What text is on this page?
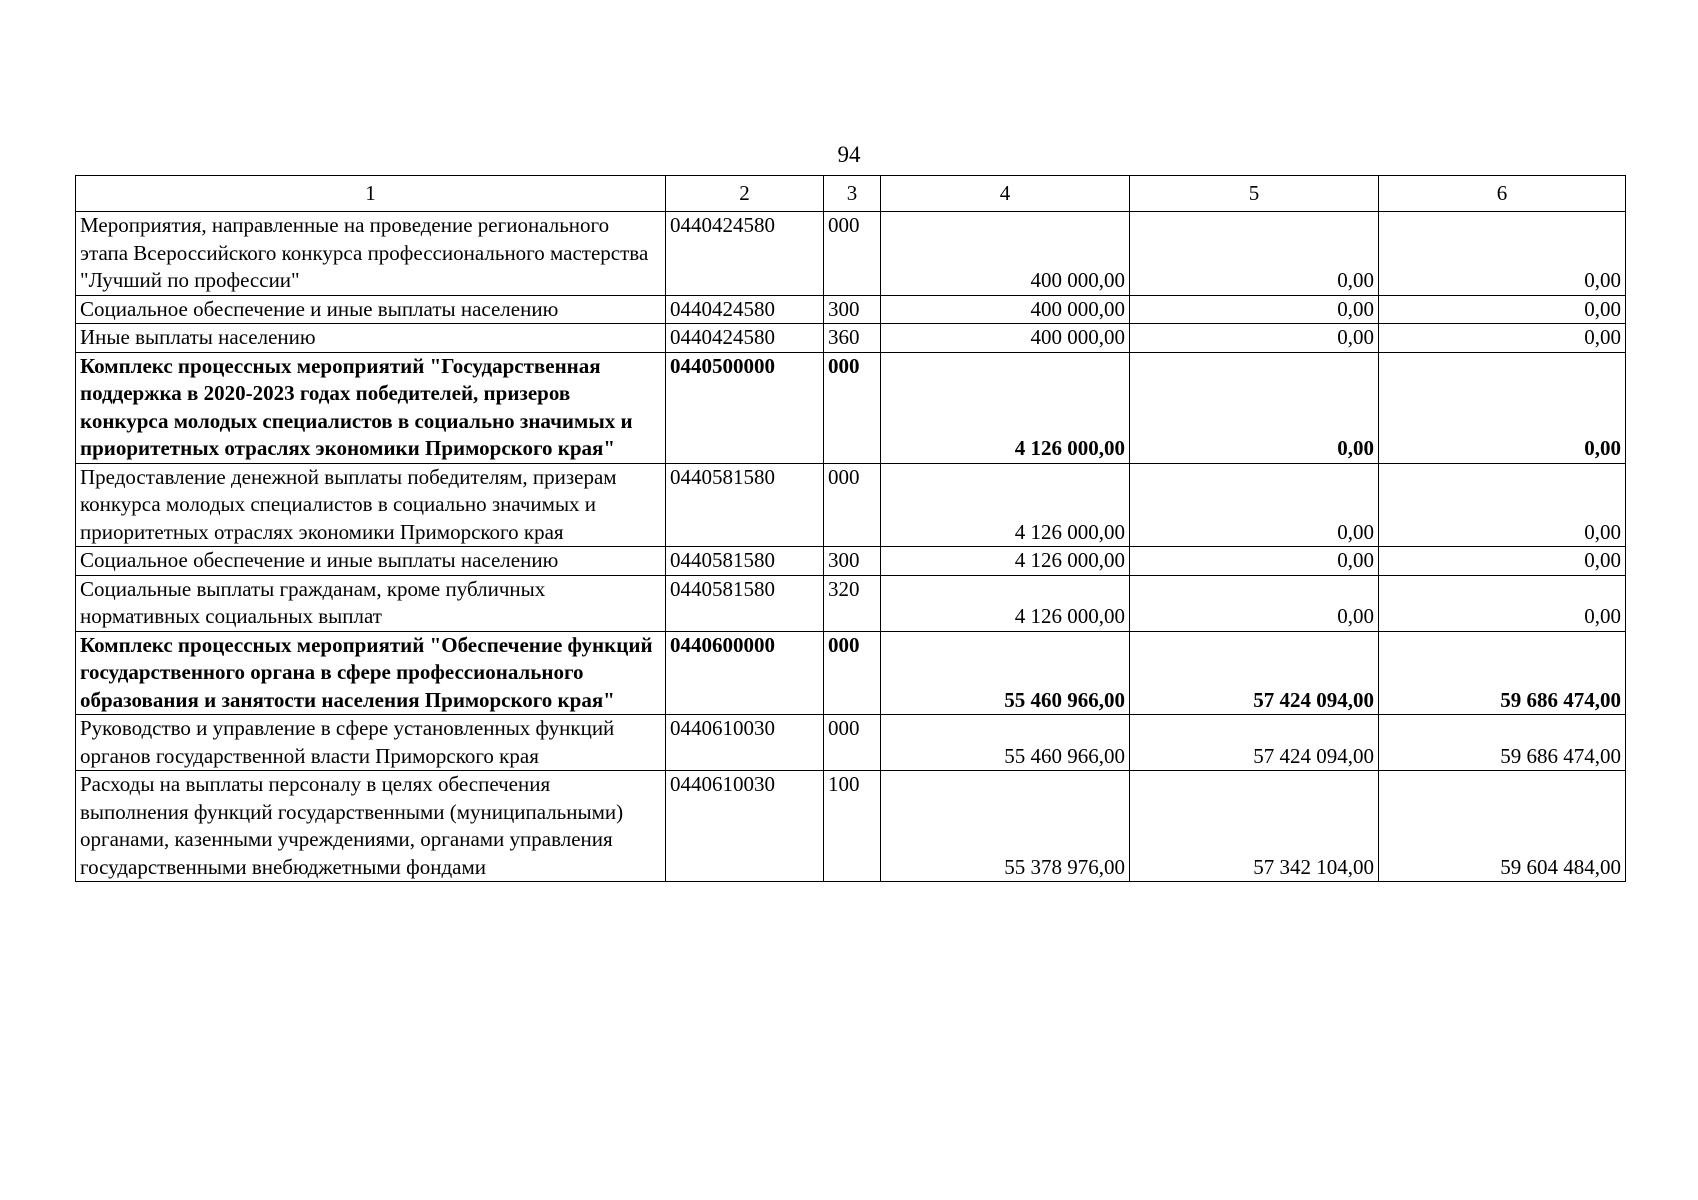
94
1	2	3	4	5	6
Мероприятия, направленные на проведение регионального этапа Всероссийского конкурса профессионального мастерства "Лучший по профессии"	0440424580	000	400 000,00	0,00	0,00
Социальное обеспечение и иные выплаты населению	0440424580	300	400 000,00	0,00	0,00
Иные выплаты населению	0440424580	360	400 000,00	0,00	0,00
Комплекс процессных мероприятий "Государственная поддержка в 2020-2023 годах победителей, призеров конкурса молодых специалистов в социально значимых и приоритетных отраслях экономики Приморского края"	0440500000	000	4 126 000,00	0,00	0,00
Предоставление денежной выплаты победителям, призерам конкурса молодых специалистов в социально значимых и приоритетных отраслях экономики Приморского края	0440581580	000	4 126 000,00	0,00	0,00
Социальное обеспечение и иные выплаты населению	0440581580	300	4 126 000,00	0,00	0,00
Социальные выплаты гражданам, кроме публичных нормативных социальных выплат	0440581580	320	4 126 000,00	0,00	0,00
Комплекс процессных мероприятий "Обеспечение функций государственного органа в сфере профессионального образования и занятости населения Приморского края"	0440600000	000	55 460 966,00	57 424 094,00	59 686 474,00
Руководство и управление в сфере установленных функций органов государственной власти Приморского края	0440610030	000	55 460 966,00	57 424 094,00	59 686 474,00
Расходы на выплаты персоналу в целях обеспечения выполнения функций государственными (муниципальными) органами, казенными учреждениями, органами управления государственными внебюджетными фондами	0440610030	100	55 378 976,00	57 342 104,00	59 604 484,00
